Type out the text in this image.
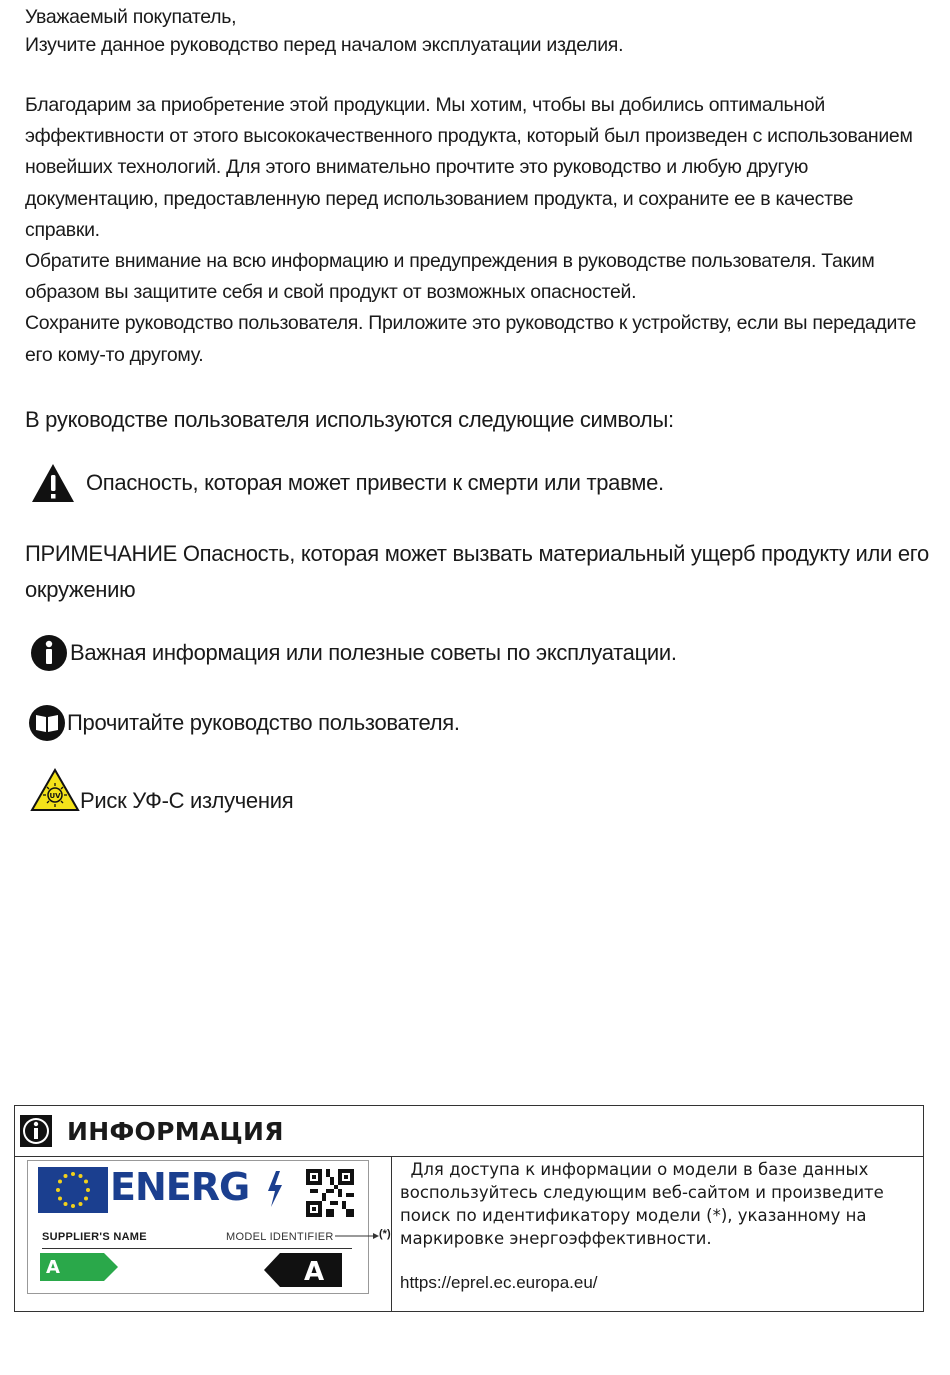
Уважаемый покупатель,

Изучите данное руководство перед началом эксплуатации изделия.

Благодарим за приобретение этой продукции. Мы хотим, чтобы вы добились оптимальной
эффективности от этого высококачественного продукта, который был произведен с использованием
новейших технологий. Для этого внимательно прочтите это руководство и любую другую
документацию, предоставленную перед использованием продукта, и сохраните ее в качестве
справки.
Обратите внимание на всю информацию и предупреждения в руководстве пользователя. Таким
образом вы защитите себя и свой продукт от возможных опасностей.
Сохраните руководство пользователя. Приложите это руководство к устройству, если вы передадите
его кому-то другому.

В руководстве пользователя используются следующие символы:

Опасность, которая может привести к смерти или травме.

ПРИМЕЧАНИЕ Опасность, которая может вызвать материальный ущерб продукту или его
окружению

Важная информация или полезные советы по эксплуатации.
Прочитайте руководство пользователя.
UV Риск УФ-С излучения
ИНФОРМАЦИЯ
ENERG
SUPPLIER'S NAME	MODEL IDENTIFIER
A	A
(*)
Для доступа к информации о модели в базе данных
воспользуйтесь следующим веб-сайтом и произведите
поиск по идентификатору модели (*), указанному на
маркировке энергоэффективности.
https://eprel.ec.europa.eu/
